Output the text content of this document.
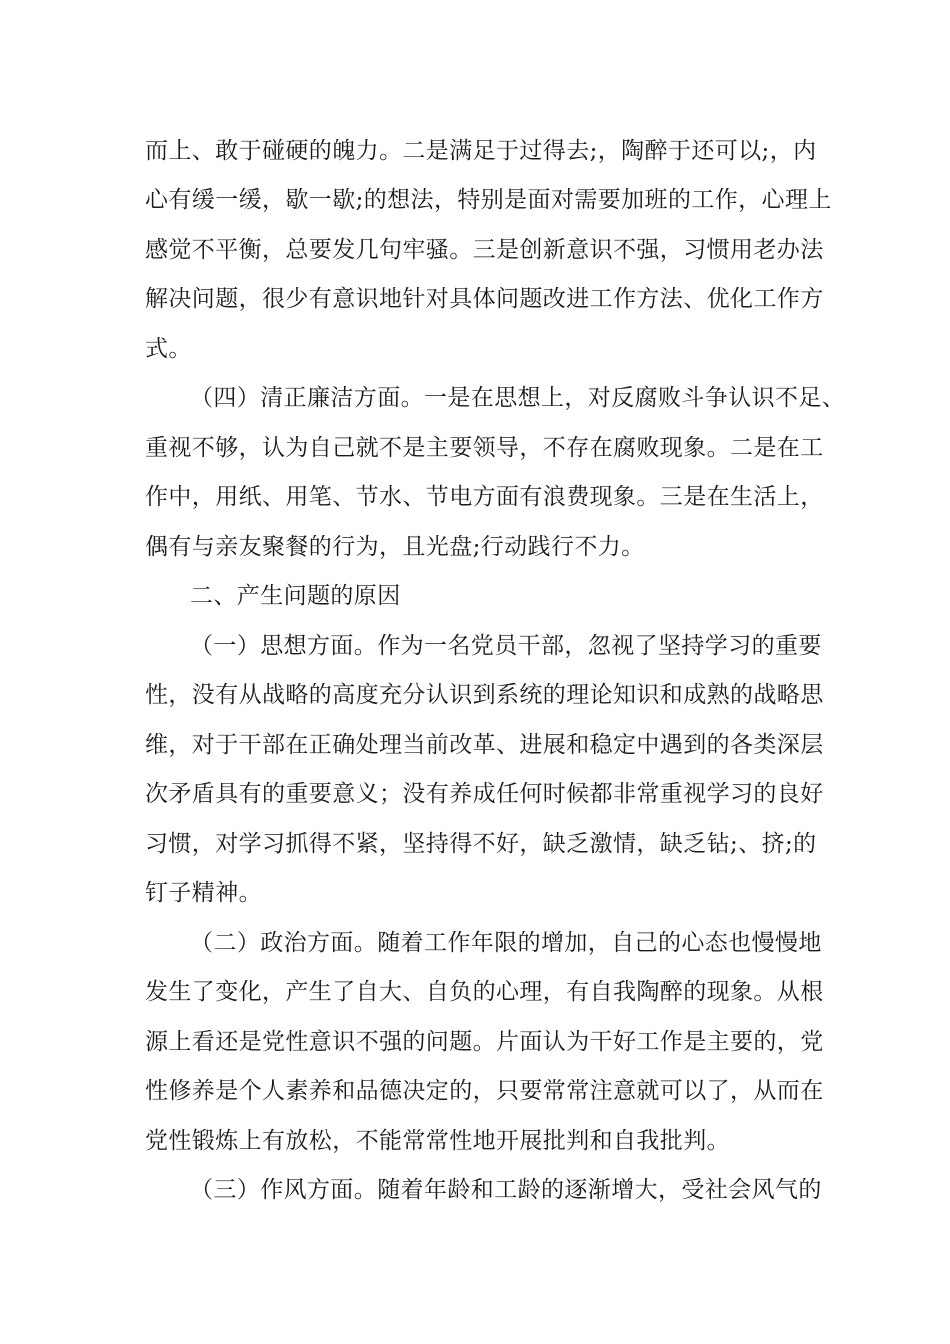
而上、敢于碰硬的魄力。二是满足于过得去;，陶醉于还可以;，内
心有缓一缓，歇一歇;的想法，特别是面对需要加班的工作，心理上
感觉不平衡，总要发几句牢骚。三是创新意识不强，习惯用老办法
解决问题，很少有意识地针对具体问题改进工作方法、优化工作方
式。
（四）清正廉洁方面。一是在思想上，对反腐败斗争认识不足、
重视不够，认为自己就不是主要领导，不存在腐败现象。二是在工
作中，用纸、用笔、节水、节电方面有浪费现象。三是在生活上，
偶有与亲友聚餐的行为，且光盘;行动践行不力。
二、产生问题的原因
（一）思想方面。作为一名党员干部，忽视了坚持学习的重要
性，没有从战略的高度充分认识到系统的理论知识和成熟的战略思
维，对于干部在正确处理当前改革、进展和稳定中遇到的各类深层
次矛盾具有的重要意义；没有养成任何时候都非常重视学习的良好
习惯，对学习抓得不紧，坚持得不好，缺乏激情，缺乏钻;、挤;的
钉子精神。
（二）政治方面。随着工作年限的增加，自己的心态也慢慢地
发生了变化，产生了自大、自负的心理，有自我陶醉的现象。从根
源上看还是党性意识不强的问题。片面认为干好工作是主要的，党
性修养是个人素养和品德决定的，只要常常注意就可以了，从而在
党性锻炼上有放松，不能常常性地开展批判和自我批判。
（三）作风方面。随着年龄和工龄的逐渐增大，受社会风气的
